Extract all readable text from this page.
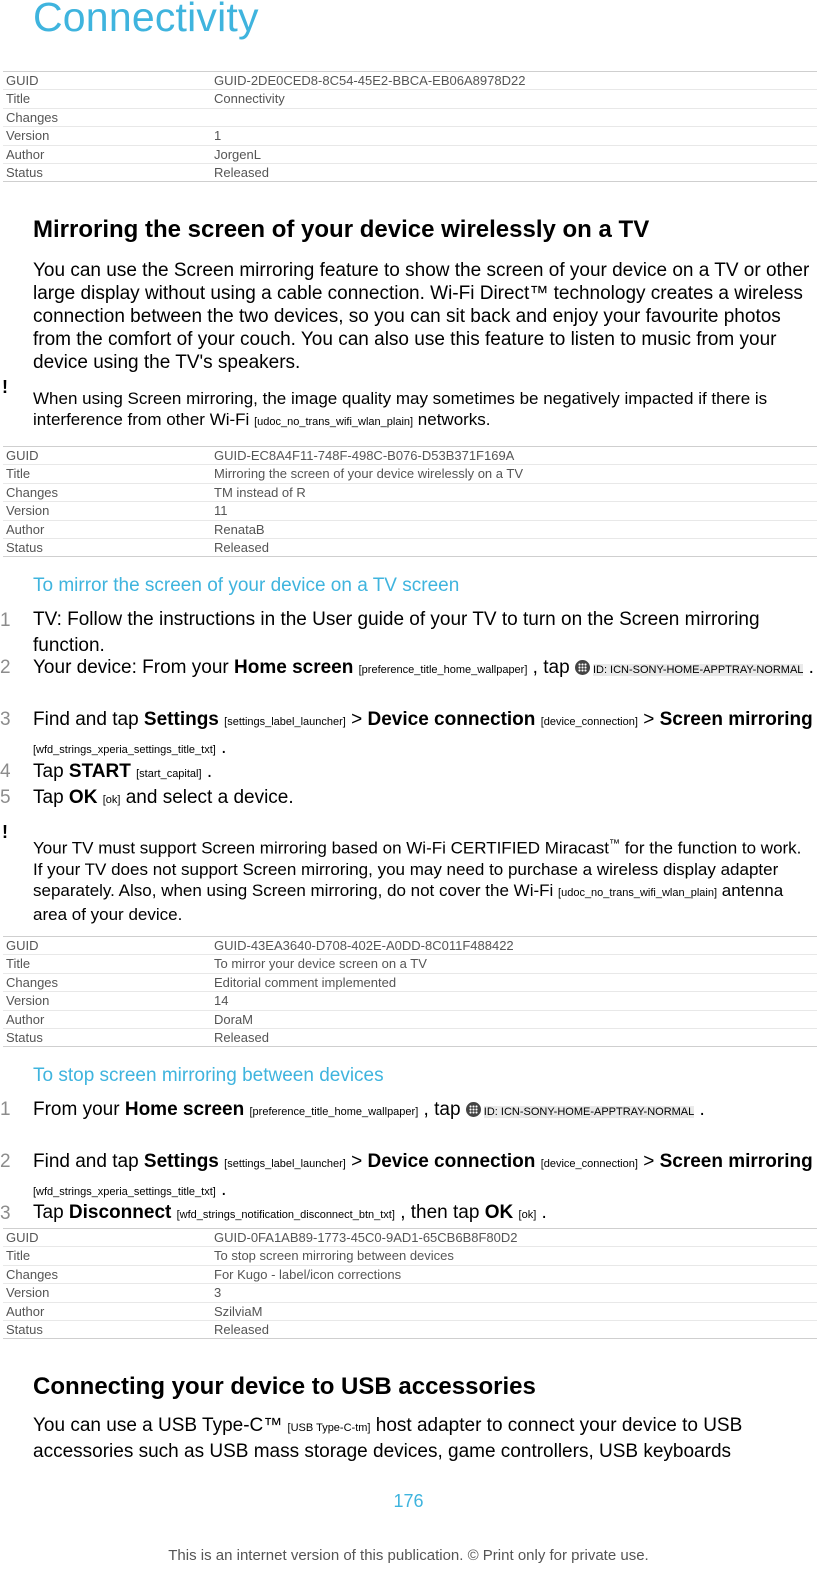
Connectivity
GUID	GUID-2DE0CED8-8C54-45E2-BBCA-EB06A8978D22
Title	Connectivity
Changes
Version	1
Author	JorgenL
Status	Released
Mirroring the screen of your device wirelessly on a TV

You can use the Screen mirroring feature to show the screen of your device on a TV or other large display without using a cable connection. Wi-Fi Direct™ technology creates a wireless connection between the two devices, so you can sit back and enjoy your favourite photos from the comfort of your couch. You can also use this feature to listen to music from your device using the TV's speakers.

!

When using Screen mirroring, the image quality may sometimes be negatively impacted if there is interference from other Wi-Fi [udoc_no_trans_wifi_wlan_plain] networks.

GUID	GUID-EC8A4F11-748F-498C-B076-D53B371F169A
Title	Mirroring the screen of your device wirelessly on a TV
Changes	TM instead of R
Version	11
Author	RenataB
Status	Released
To mirror the screen of your device on a TV screen
1 TV: Follow the instructions in the User guide of your TV to turn on the Screen mirroring function.

2 Your device: From your Home screen [preference_title_home_wallpaper] , tap ID: ICN-SONY-HOME-APPTRAY-NORMAL .

3 Find and tap Settings [settings_label_launcher] > Device connection [device_connection] > Screen mirroring [wfd_strings_xperia_settings_title_txt] .

4 Tap START [start_capital] .

5 Tap OK [ok] and select a device.

!

Your TV must support Screen mirroring based on Wi-Fi CERTIFIED Miracast™ for the function to work. If your TV does not support Screen mirroring, you may need to purchase a wireless display adapter separately. Also, when using Screen mirroring, do not cover the Wi-Fi [udoc_no_trans_wifi_wlan_plain] antenna area of your device.

GUID	GUID-43EA3640-D708-402E-A0DD-8C011F488422
Title	To mirror your device screen on a TV
Changes	Editorial comment implemented
Version	14
Author	DoraM
Status	Released
To stop screen mirroring between devices
1 From your Home screen [preference_title_home_wallpaper] , tap ID: ICN-SONY-HOME-APPTRAY-NORMAL .

2 Find and tap Settings [settings_label_launcher] > Device connection [device_connection] > Screen mirroring [wfd_strings_xperia_settings_title_txt] .

3 Tap Disconnect [wfd_strings_notification_disconnect_btn_txt] , then tap OK [ok] .

GUID	GUID-0FA1AB89-1773-45C0-9AD1-65CB6B8F80D2
Title	To stop screen mirroring between devices
Changes	For Kugo - label/icon corrections
Version	3
Author	SzilviaM
Status	Released
Connecting your device to USB accessories

You can use a USB Type-C™ [USB Type-C-tm] host adapter to connect your device to USB accessories such as USB mass storage devices, game controllers, USB keyboards

176
This is an internet version of this publication. © Print only for private use.
